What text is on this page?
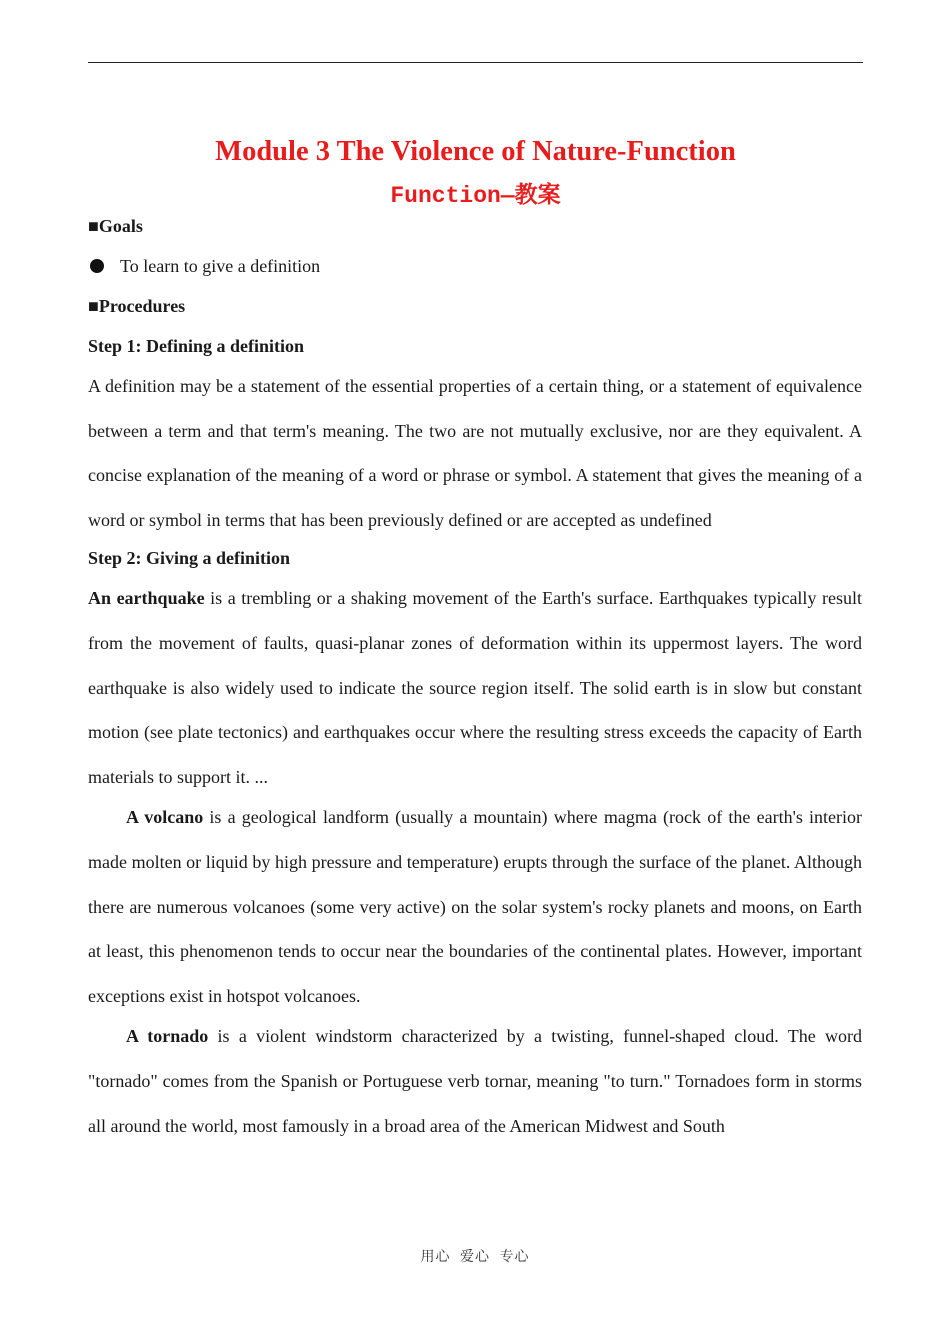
Module 3 The Violence of Nature-Function
Function—教案
■Goals
To learn to give a definition
■Procedures
Step 1: Defining a definition

A definition may be a statement of the essential properties of a certain thing, or a statement of equivalence between a term and that term's meaning. The two are not mutually exclusive, nor are they equivalent. A concise explanation of the meaning of a word or phrase or symbol. A statement that gives the meaning of a word or symbol in terms that has been previously defined or are accepted as undefined

Step 2: Giving a definition

An earthquake is a trembling or a shaking movement of the Earth's surface. Earthquakes typically result from the movement of faults, quasi-planar zones of deformation within its uppermost layers. The word earthquake is also widely used to indicate the source region itself. The solid earth is in slow but constant motion (see plate tectonics) and earthquakes occur where the resulting stress exceeds the capacity of Earth materials to support it. ...

A volcano is a geological landform (usually a mountain) where magma (rock of the earth's interior made molten or liquid by high pressure and temperature) erupts through the surface of the planet. Although there are numerous volcanoes (some very active) on the solar system's rocky planets and moons, on Earth at least, this phenomenon tends to occur near the boundaries of the continental plates. However, important exceptions exist in hotspot volcanoes.

A tornado is a violent windstorm characterized by a twisting, funnel-shaped cloud. The word "tornado" comes from the Spanish or Portuguese verb tornar, meaning "to turn." Tornadoes form in storms all around the world, most famously in a broad area of the American Midwest and South

用心 爱心 专心
